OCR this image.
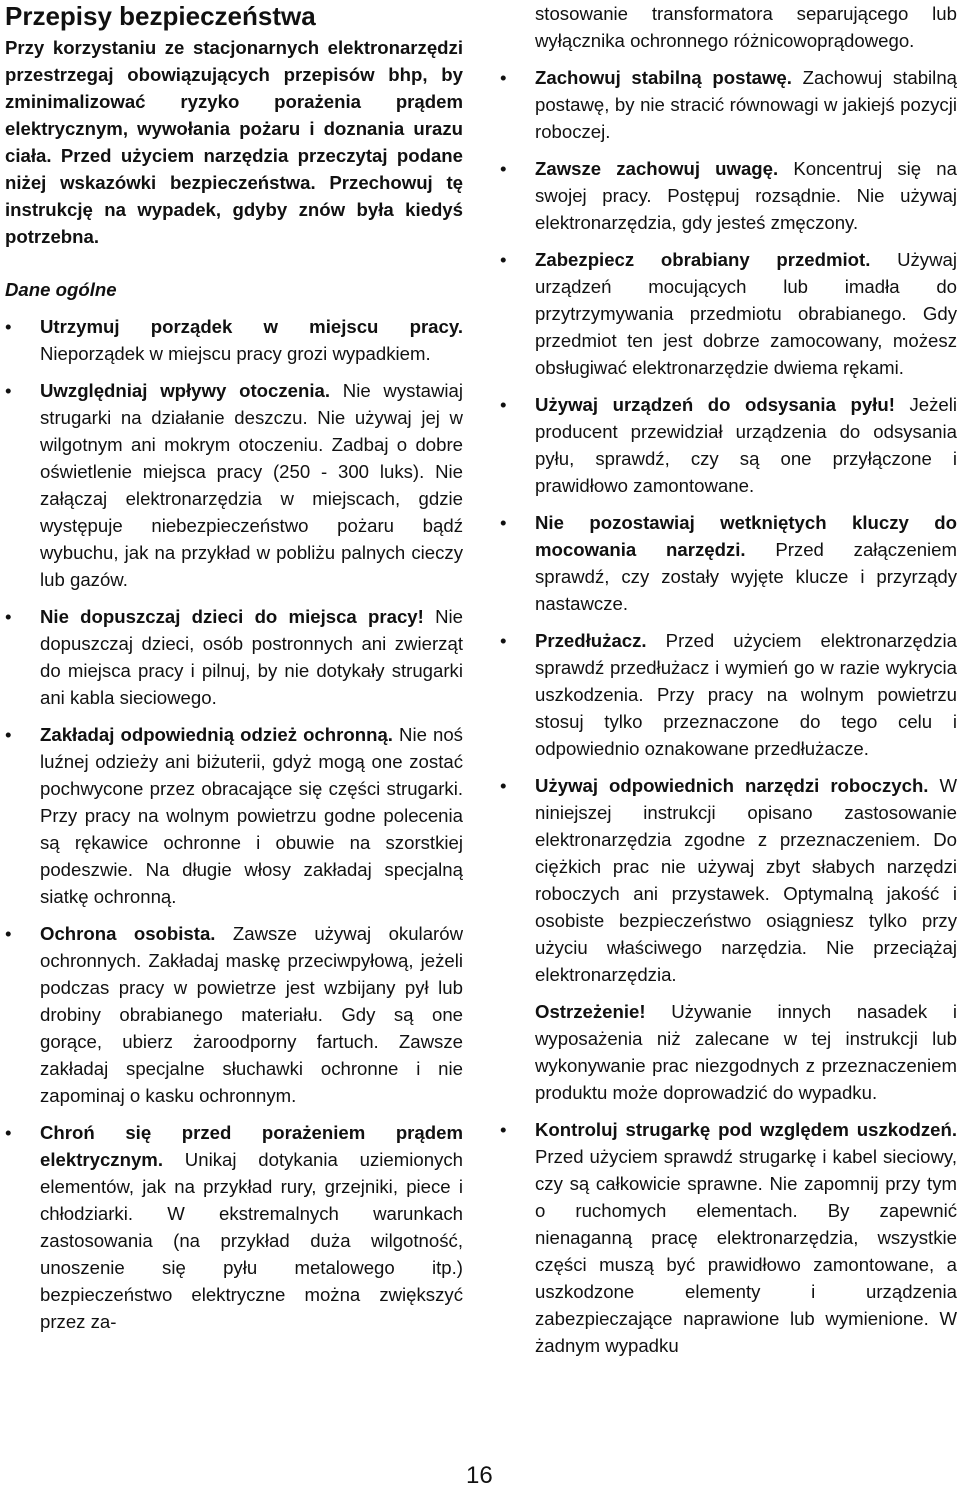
Przepisy bezpieczeństwa

Przy korzystaniu ze stacjonarnych elektronarzędzi przestrzegaj obowiązujących przepisów bhp, by zminimalizować ryzyko porażenia prądem elektrycznym, wywołania pożaru i doznania urazu ciała. Przed użyciem narzędzia przeczytaj podane niżej wskazówki bezpieczeństwa. Przechowuj tę instrukcję na wypadek, gdyby znów była kiedyś potrzebna.

Dane ogólne
• Utrzymuj porządek w miejscu pracy. Nieporządek w miejscu pracy grozi wypadkiem.
• Uwzględniaj wpływy otoczenia. Nie wystawiaj strugarki na działanie deszczu. Nie używaj jej w wilgotnym ani mokrym otoczeniu. Zadbaj o dobre oświetlenie miejsca pracy (250 - 300 luks). Nie załączaj elektronarzędzia w miejscach, gdzie występuje niebezpieczeństwo pożaru bądź wybuchu, jak na przykład w pobliżu palnych cieczy lub gazów.
• Nie dopuszczaj dzieci do miejsca pracy! Nie dopuszczaj dzieci, osób postronnych ani zwierząt do miejsca pracy i pilnuj, by nie dotykały strugarki ani kabla sieciowego.
• Zakładaj odpowiednią odzież ochronną. Nie noś luźnej odzieży ani biżuterii, gdyż mogą one zostać pochwycone przez obracające się części strugarki. Przy pracy na wolnym powietrzu godne polecenia są rękawice ochronne i obuwie na szorstkiej podeszwie. Na długie włosy zakładaj specjalną siatkę ochronną.
• Ochrona osobista. Zawsze używaj okularów ochronnych. Zakładaj maskę przeciwpyłową, jeżeli podczas pracy w powietrze jest wzbijany pył lub drobiny obrabianego materiału. Gdy są one gorące, ubierz żaroodporny fartuch. Zawsze zakładaj specjalne słuchawki ochronne i nie zapominaj o kasku ochronnym.
• Chroń się przed porażeniem prądem elektrycznym. Unikaj dotykania uziemionych elementów, jak na przykład rury, grzejniki, piece i chłodziarki. W ekstremalnych warunkach zastosowania (na przykład duża wilgotność, unoszenie się pyłu metalowego itp.) bezpieczeństwo elektryczne można zwiększyć przez za-

stosowanie transformatora separującego lub wyłącznika ochronnego różnicowoprądowego.

• Zachowuj stabilną postawę. Zachowuj stabilną postawę, by nie stracić równowagi w jakiejś pozycji roboczej.
• Zawsze zachowuj uwagę. Koncentruj się na swojej pracy. Postępuj rozsądnie. Nie używaj elektronarzędzia, gdy jesteś zmęczony.
• Zabezpiecz obrabiany przedmiot. Używaj urządzeń mocujących lub imadła do przytrzymywania przedmiotu obrabianego. Gdy przedmiot ten jest dobrze zamocowany, możesz obsługiwać elektronarzędzie dwiema rękami.
• Używaj urządzeń do odsysania pyłu! Jeżeli producent przewidział urządzenia do odsysania pyłu, sprawdź, czy są one przyłączone i prawidłowo zamontowane.
• Nie pozostawiaj wetkniętych kluczy do mocowania narzędzi. Przed załączeniem sprawdź, czy zostały wyjęte klucze i przyrządy nastawcze.
• Przedłużacz. Przed użyciem elektronarzędzia sprawdź przedłużacz i wymień go w razie wykrycia uszkodzenia. Przy pracy na wolnym powietrzu stosuj tylko przeznaczone do tego celu i odpowiednio oznakowane przedłużacze.
• Używaj odpowiednich narzędzi roboczych. W niniejszej instrukcji opisano zastosowanie elektronarzędzia zgodne z przeznaczeniem. Do ciężkich prac nie używaj zbyt słabych narzędzi roboczych ani przystawek. Optymalną jakość i osobiste bezpieczeństwo osiągniesz tylko przy użyciu właściwego narzędzia. Nie przeciążaj elektronarzędzia.

Ostrzeżenie! Używanie innych nasadek i wyposażenia niż zalecane w tej instrukcji lub wykonywanie prac niezgodnych z przeznaczeniem produktu może doprowadzić do wypadku.

• Kontroluj strugarkę pod względem uszkodzeń. Przed użyciem sprawdź strugarkę i kabel sieciowy, czy są całkowicie sprawne. Nie zapomnij przy tym o ruchomych elementach. By zapewnić nienaganną pracę elektronarzędzia, wszystkie części muszą być prawidłowo zamontowane, a uszkodzone elementy i urządzenia zabezpieczające naprawione lub wymienione. W żadnym wypadku
16
